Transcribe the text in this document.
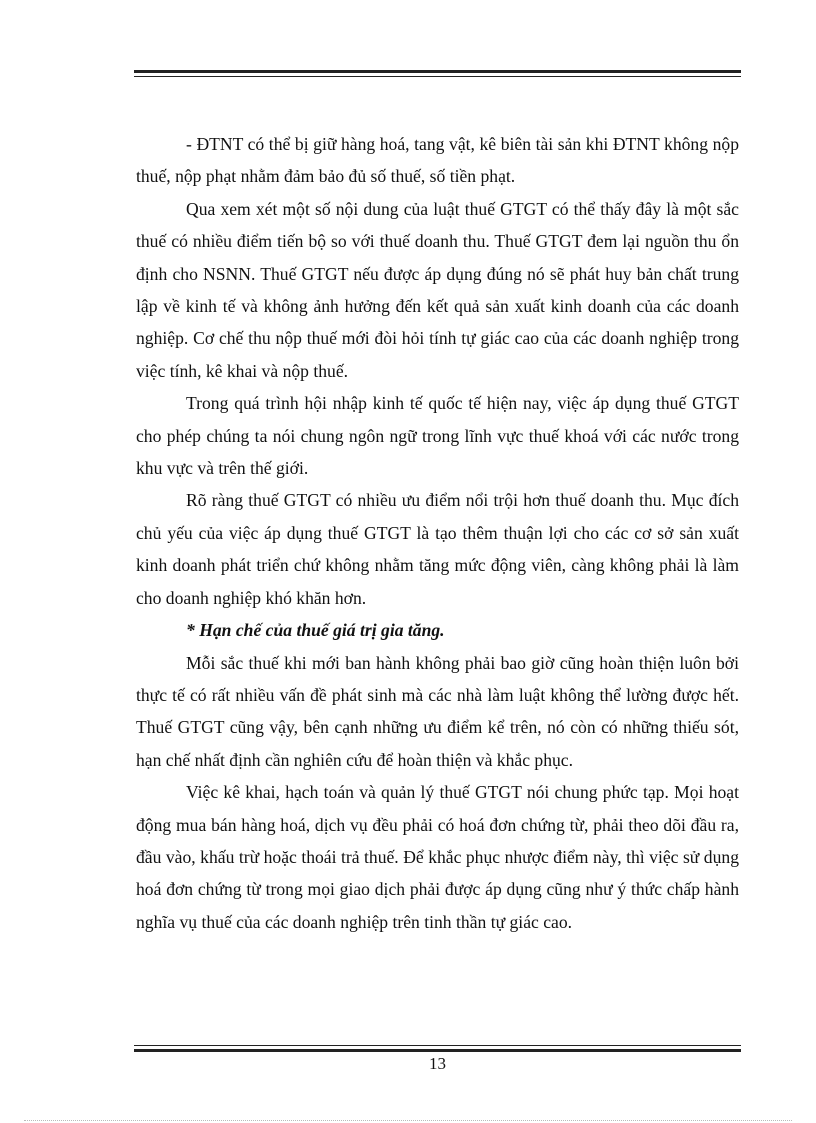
- ĐTNT có thể bị giữ hàng hoá, tang vật, kê biên tài sản khi ĐTNT không nộp thuế, nộp phạt nhằm đảm bảo đủ số thuế, số tiền phạt.

Qua xem xét một số nội dung của luật thuế GTGT có thể thấy đây là một sắc thuế có nhiều điểm tiến bộ so với thuế doanh thu. Thuế GTGT đem lại nguồn thu ổn định cho NSNN. Thuế GTGT nếu được áp dụng đúng nó sẽ phát huy bản chất trung lập về kinh tế và không ảnh hưởng đến kết quả sản xuất kinh doanh của các doanh nghiệp. Cơ chế thu nộp thuế mới đòi hỏi tính tự giác cao của các doanh nghiệp trong việc tính, kê khai và nộp thuế.

Trong quá trình hội nhập kinh tế quốc tế hiện nay, việc áp dụng thuế GTGT cho phép chúng ta nói chung ngôn ngữ trong lĩnh vực thuế khoá với các nước trong khu vực và trên thế giới.

Rõ ràng thuế GTGT có nhiều ưu điểm nổi trội hơn thuế doanh thu. Mục đích chủ yếu của việc áp dụng thuế GTGT là tạo thêm thuận lợi cho các cơ sở sản xuất kinh doanh phát triển chứ không nhằm tăng mức động viên, càng không phải là làm cho doanh nghiệp khó khăn hơn.

* Hạn chế của thuế giá trị gia tăng.

Mỗi sắc thuế khi mới ban hành không phải bao giờ cũng hoàn thiện luôn bởi thực tế có rất nhiều vấn đề phát sinh mà các nhà làm luật không thể lường được hết. Thuế GTGT cũng vậy, bên cạnh những ưu điểm kể trên, nó còn có những thiếu sót, hạn chế nhất định cần nghiên cứu để hoàn thiện và khắc phục.

Việc kê khai, hạch toán và quản lý thuế GTGT nói chung phức tạp. Mọi hoạt động mua bán hàng hoá, dịch vụ đều phải có hoá đơn chứng từ, phải theo dõi đầu ra, đầu vào, khấu trừ hoặc thoái trả thuế. Để khắc phục nhược điểm này, thì việc sử dụng hoá đơn chứng từ trong mọi giao dịch phải được áp dụng cũng như ý thức chấp hành nghĩa vụ thuế của các doanh nghiệp trên tinh thần tự giác cao.

13
